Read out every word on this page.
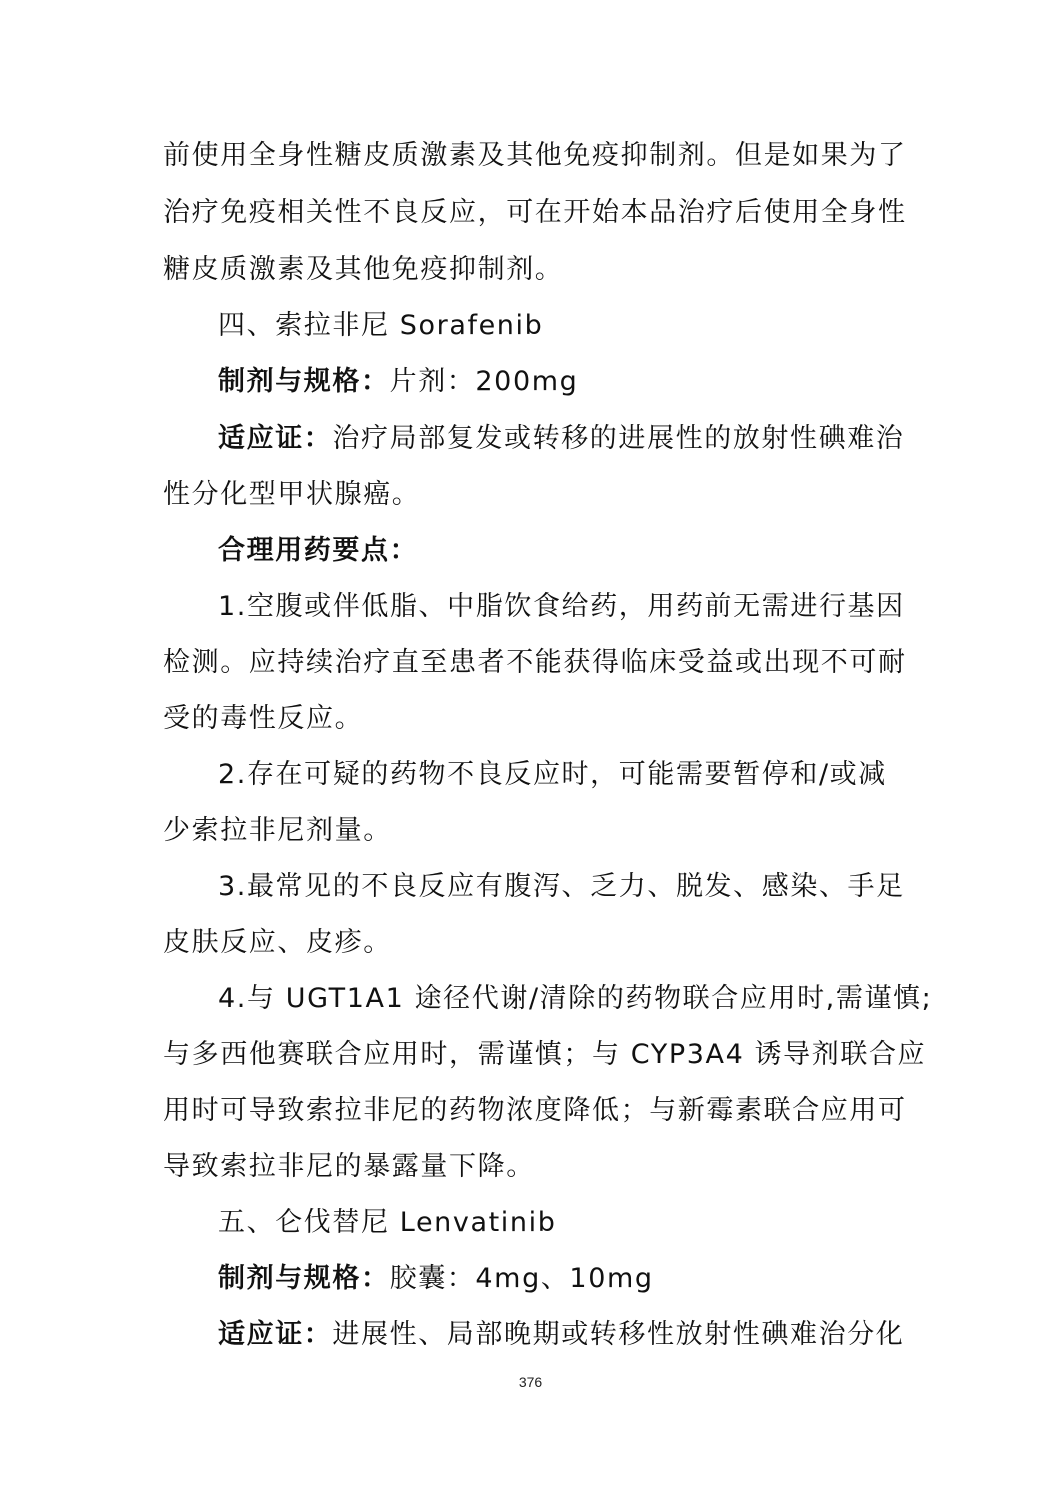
前使用全身性糖皮质激素及其他免疫抑制剂。但是如果为了
治疗免疫相关性不良反应，可在开始本品治疗后使用全身性
糖皮质激素及其他免疫抑制剂。
四、索拉非尼 Sorafenib
制剂与规格：片剂：200mg
适应证：治疗局部复发或转移的进展性的放射性碘难治
性分化型甲状腺癌。
合理用药要点：
1.空腹或伴低脂、中脂饮食给药，用药前无需进行基因
检测。应持续治疗直至患者不能获得临床受益或出现不可耐
受的毒性反应。
2.存在可疑的药物不良反应时，可能需要暂停和/或减
少索拉非尼剂量。
3.最常见的不良反应有腹泻、乏力、脱发、感染、手足
皮肤反应、皮疹。
4.与 UGT1A1 途径代谢/清除的药物联合应用时,需谨慎;
与多西他赛联合应用时，需谨慎；与 CYP3A4 诱导剂联合应
用时可导致索拉非尼的药物浓度降低；与新霉素联合应用可
导致索拉非尼的暴露量下降。
五、仑伐替尼 Lenvatinib
制剂与规格：胶囊：4mg、10mg
适应证：进展性、局部晚期或转移性放射性碘难治分化
376
